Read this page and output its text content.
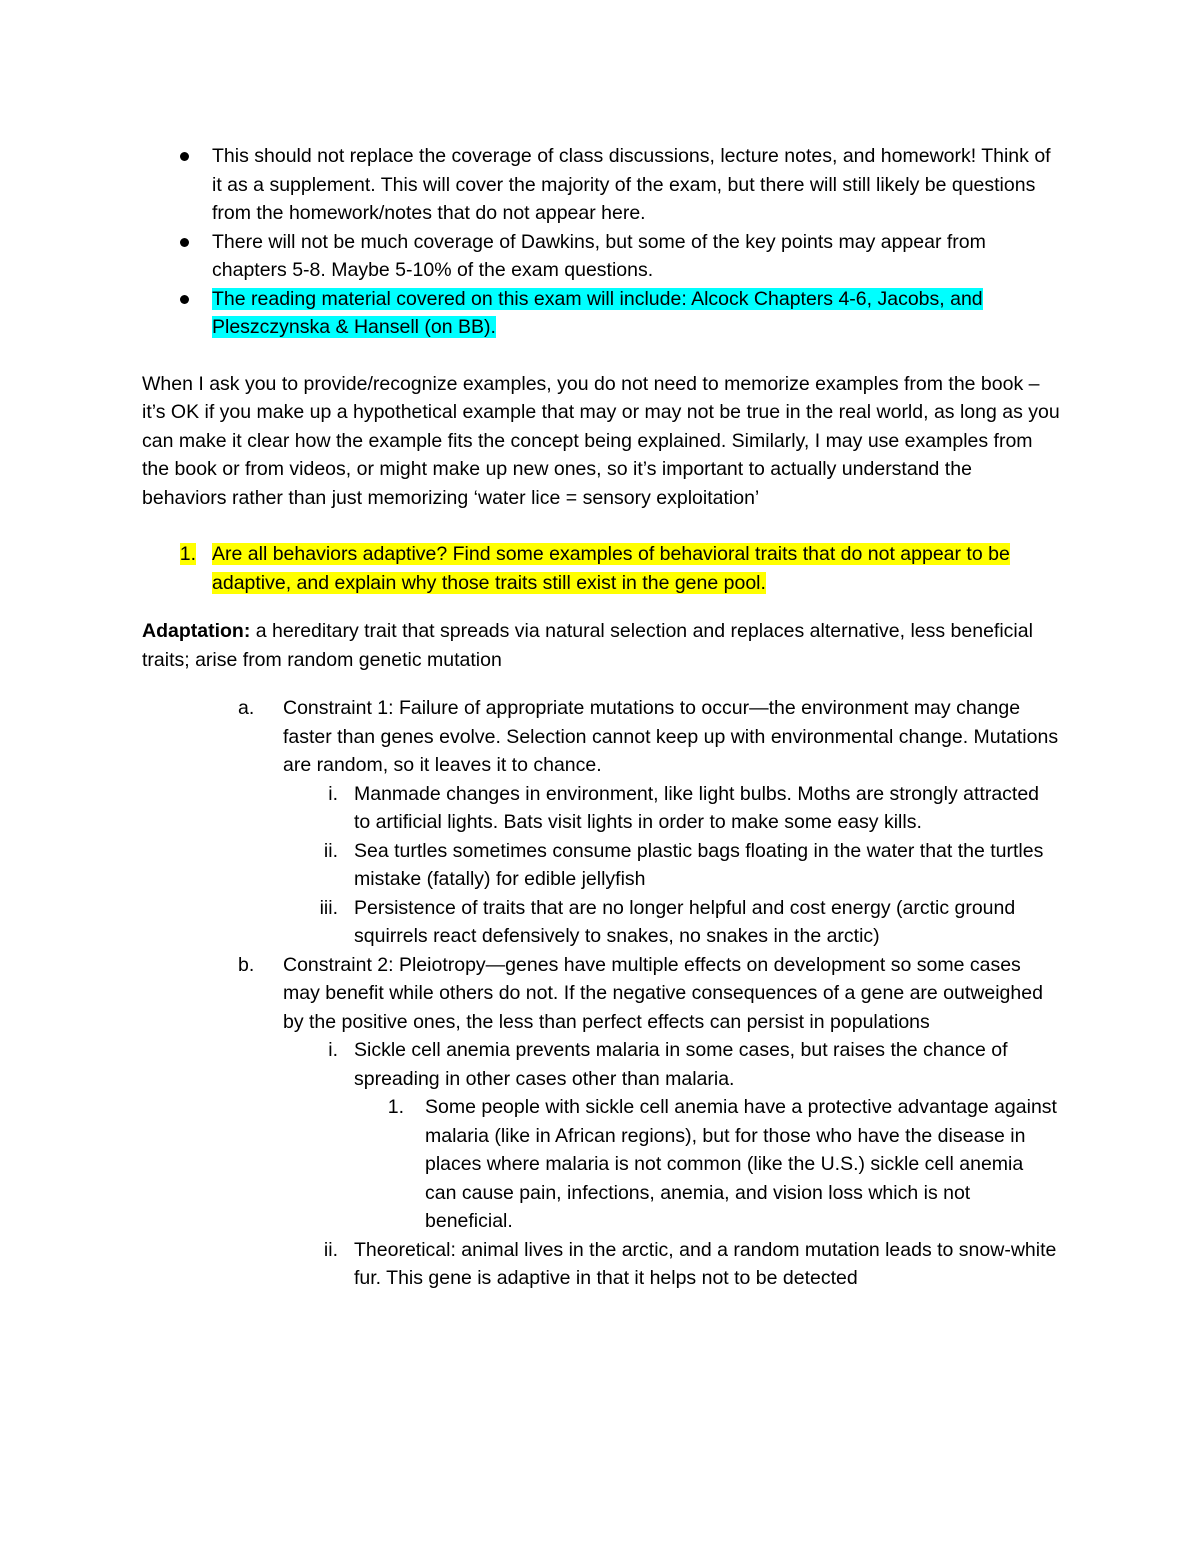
This should not replace the coverage of class discussions, lecture notes, and homework! Think of it as a supplement. This will cover the majority of the exam, but there will still likely be questions from the homework/notes that do not appear here.
There will not be much coverage of Dawkins, but some of the key points may appear from chapters 5-8. Maybe 5-10% of the exam questions.
The reading material covered on this exam will include: Alcock Chapters 4-6, Jacobs, and Pleszczynska & Hansell (on BB).

When I ask you to provide/recognize examples, you do not need to memorize examples from the book – it’s OK if you make up a hypothetical example that may or may not be true in the real world, as long as you can make it clear how the example fits the concept being explained. Similarly, I may use examples from the book or from videos, or might make up new ones, so it’s important to actually understand the behaviors rather than just memorizing ‘water lice = sensory exploitation’

1. Are all behaviors adaptive? Find some examples of behavioral traits that do not appear to be adaptive, and explain why those traits still exist in the gene pool.
Adaptation: a hereditary trait that spreads via natural selection and replaces alternative, less beneficial traits; arise from random genetic mutation
a.	Constraint 1: Failure of appropriate mutations to occur—the environment may change faster than genes evolve. Selection cannot keep up with environmental change. Mutations are random, so it leaves it to chance.
i. Manmade changes in environment, like light bulbs. Moths are strongly attracted to artificial lights. Bats visit lights in order to make some easy kills.
ii. Sea turtles sometimes consume plastic bags floating in the water that the turtles mistake (fatally) for edible jellyfish
iii. Persistence of traits that are no longer helpful and cost energy (arctic ground squirrels react defensively to snakes, no snakes in the arctic)
b.	Constraint 2: Pleiotropy—genes have multiple effects on development so some cases may benefit while others do not. If the negative consequences of a gene are outweighed by the positive ones, the less than perfect effects can persist in populations
i. Sickle cell anemia prevents malaria in some cases, but raises the chance of spreading in other cases other than malaria.
1. Some people with sickle cell anemia have a protective advantage against malaria (like in African regions), but for those who have the disease in places where malaria is not common (like the U.S.) sickle cell anemia can cause pain, infections, anemia, and vision loss which is not beneficial.
ii. Theoretical: animal lives in the arctic, and a random mutation leads to snow-white fur. This gene is adaptive in that it helps not to be detected
